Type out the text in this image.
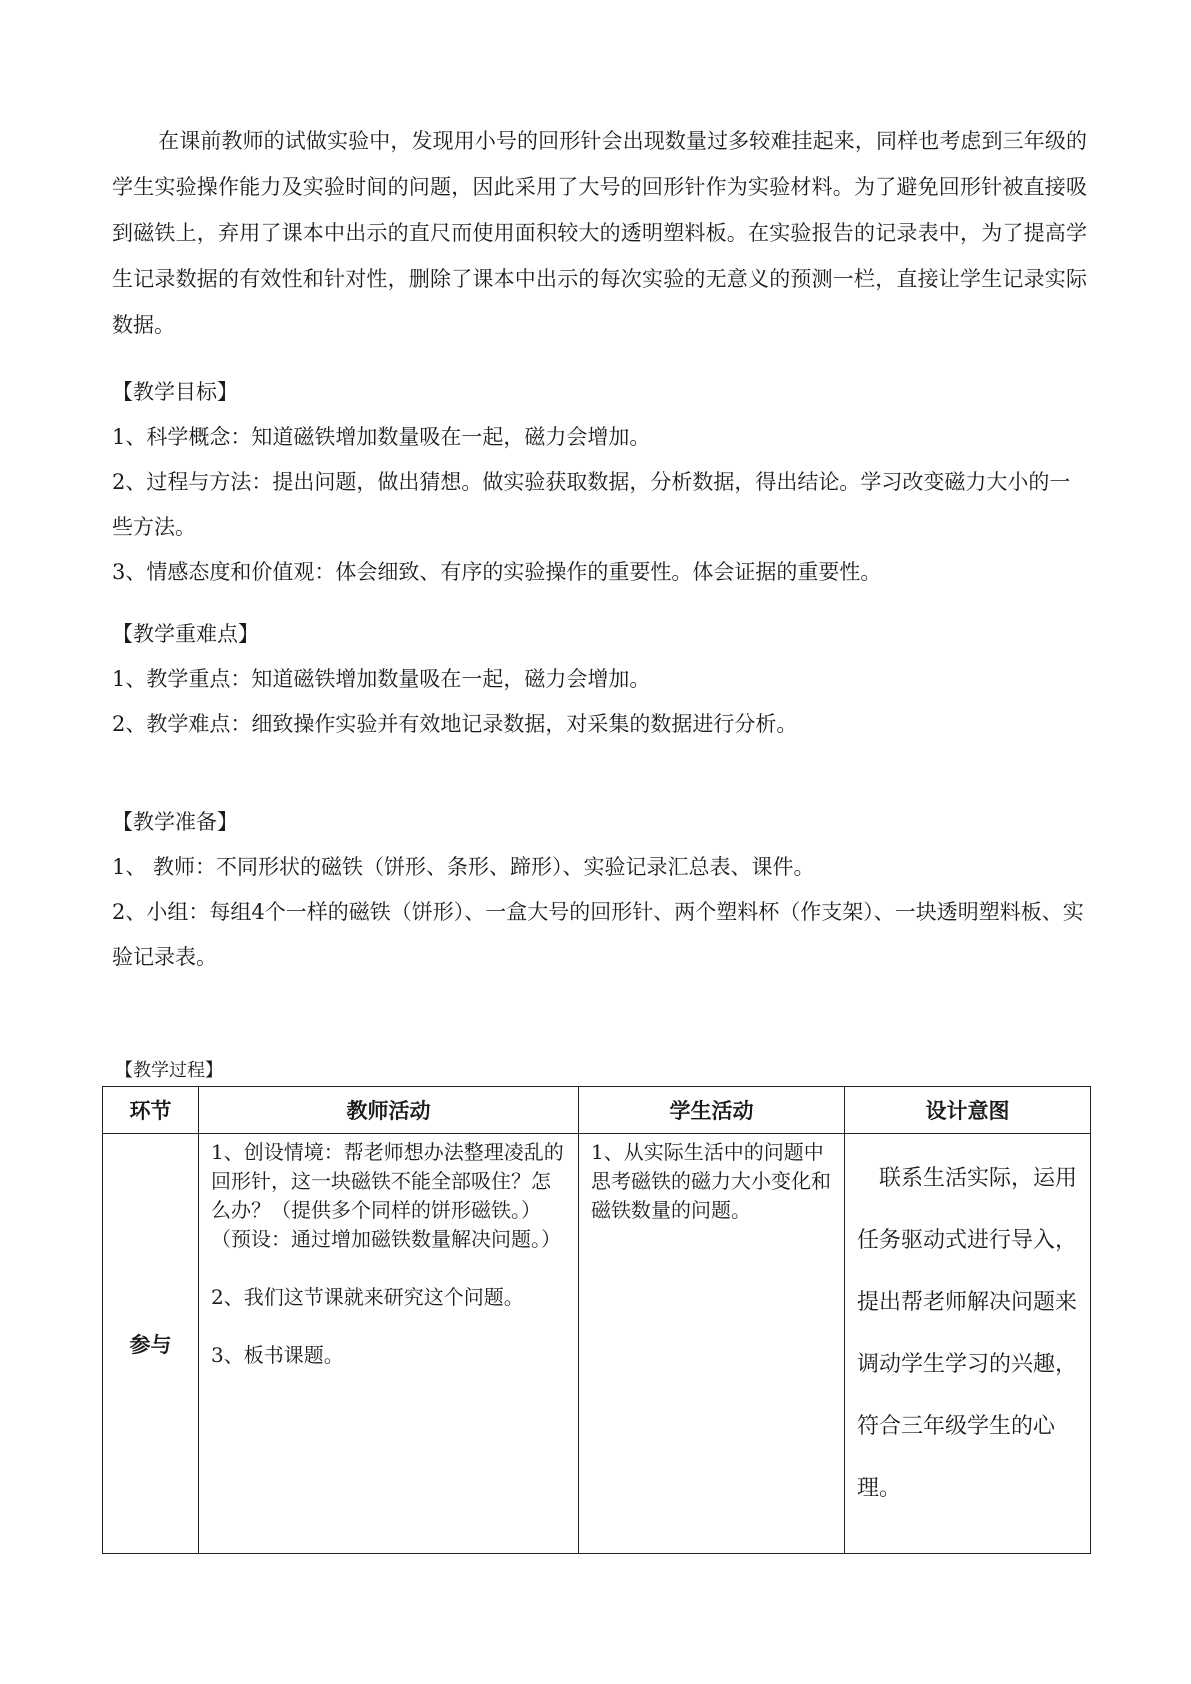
在课前教师的试做实验中，发现用小号的回形针会出现数量过多较难挂起来，同样也考虑到三年级的学生实验操作能力及实验时间的问题，因此采用了大号的回形针作为实验材料。为了避免回形针被直接吸到磁铁上，弃用了课本中出示的直尺而使用面积较大的透明塑料板。在实验报告的记录表中，为了提高学生记录数据的有效性和针对性，删除了课本中出示的每次实验的无意义的预测一栏，直接让学生记录实际数据。

【教学目标】

1、科学概念：知道磁铁增加数量吸在一起，磁力会增加。

2、过程与方法：提出问题，做出猜想。做实验获取数据，分析数据，得出结论。学习改变磁力大小的一些方法。

3、情感态度和价值观：体会细致、有序的实验操作的重要性。体会证据的重要性。

【教学重难点】

1、教学重点：知道磁铁增加数量吸在一起，磁力会增加。

2、教学难点：细致操作实验并有效地记录数据，对采集的数据进行分析。

【教学准备】

1、 教师：不同形状的磁铁（饼形、条形、蹄形）、实验记录汇总表、课件。

2、小组：每组4个一样的磁铁（饼形）、一盒大号的回形针、两个塑料杯（作支架）、一块透明塑料板、实验记录表。

【教学过程】
环节	教师活动	学生活动	设计意图
参与	1、创设情境：帮老师想办法整理凌乱的回形针，这一块磁铁不能全部吸住？怎么办？（提供多个同样的饼形磁铁。）

（预设：通过增加磁铁数量解决问题。）

2、我们这节课就来研究这个问题。

3、板书课题。	1、从实际生活中的问题中思考磁铁的磁力大小变化和磁铁数量的问题。	联系生活实际，运用任务驱动式进行导入，提出帮老师解决问题来调动学生学习的兴趣，符合三年级学生的心理。
